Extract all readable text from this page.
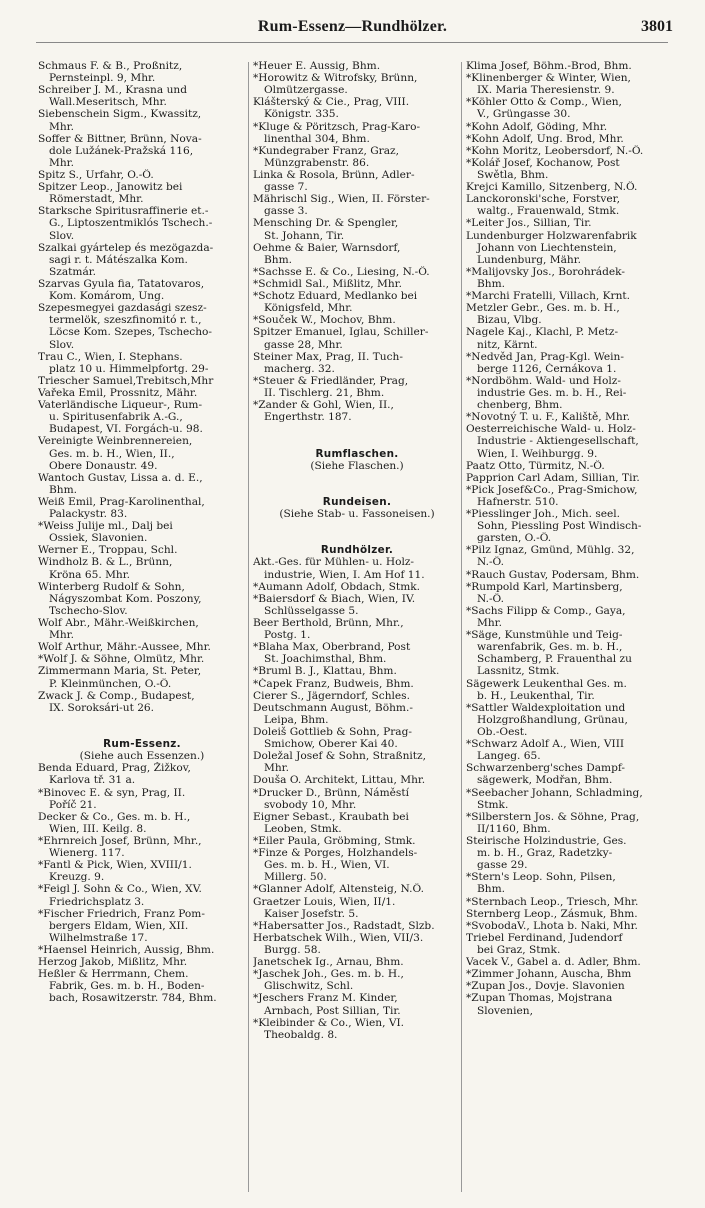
Rum-Essenz—Rundhölzer.	3801
Schmaus F. & B., Proßnitz,
Pernsteinpl. 9, Mhr.
Schreiber J. M., Krasna und
Wall.Meseritsch, Mhr.
Siebenschein Sigm., Kwassitz,
Mhr.
Soffer & Bittner, Brünn, Nova-
dole Lužánek-Pražská 116,
Mhr.
Spitz S., Urfahr, O.-Ö.
Spitzer Leop., Janowitz bei
Römerstadt, Mhr.
Starksche Spiritusraffinerie et.-
G., Liptoszentmiklós Tschech.-
Slov.
Szalkai gyártelep és mezögazda-
sagi r. t. Mátészalka Kom.
Szatmár.
Szarvas Gyula fia, Tatatovaros,
Kom. Komárom, Ung.
Szepesmegyei gazdasági szesz-
termelök, szeszfinomitó r. t.,
Löcse Kom. Szepes, Tschecho-
Slov.
Trau C., Wien, I. Stephans.
platz 10 u. Himmelpfortg. 29-
Triescher Samuel,Trebitsch,Mhr
Vařeka Emil, Prossnitz, Mähr.
Vaterländische Liqueur-, Rum-
u. Spiritusenfabrik A.-G.,
Budapest, VI. Forgách-u. 98.
Vereinigte Weinbrennereien,
Ges. m. b. H., Wien, II.,
Obere Donaustr. 49.
Wantoch Gustav, Lissa a. d. E.,
Bhm.
Weiß Emil, Prag-Karolinenthal,
Palackystr. 83.
*Weiss Julije ml., Dalj bei
Ossiek, Slavonien.
Werner E., Troppau, Schl.
Windholz B. & L., Brünn,
Kröna 65. Mhr.
Winterberg Rudolf & Sohn,
Nágyszombat Kom. Poszony,
Tschecho-Slov.
Wolf Abr., Mähr.-Weißkirchen,
Mhr.
Wolf Arthur, Mähr.-Aussee, Mhr.
*Wolf J. & Söhne, Olmütz, Mhr.
Zimmermann Maria, St. Peter,
P. Kleinmünchen, O.-Ö.
Zwack J. & Comp., Budapest,
IX. Soroksári-ut 26.
Rum-Essenz.
(Siehe auch Essenzen.)
Benda Eduard, Prag, Žižkov,
Karlova tř. 31 a.
*Binovec E. & syn, Prag, II.
Poříč 21.
Decker & Co., Ges. m. b. H.,
Wien, III. Keilg. 8.
*Ehrnreich Josef, Brünn, Mhr.,
Wienerg. 117.
*Fantl & Pick, Wien, XVIII/1.
Kreuzg. 9.
*Feigl J. Sohn & Co., Wien, XV.
Friedrichsplatz 3.
*Fischer Friedrich, Franz Pom-
bergers Eldam, Wien, XII.
Wilhelmstraße 17.
*Haensel Heinrich, Aussig, Bhm.
Herzog Jakob, Mißlitz, Mhr.
Heßler & Herrmann, Chem.
Fabrik, Ges. m. b. H., Boden-
bach, Rosawitzerstr. 784, Bhm.
*Heuer E. Aussig, Bhm.
*Horowitz & Witrofsky, Brünn,
Olmützergasse.
Klášterský & Cie., Prag, VIII.
Königstr. 335.
*Kluge & Pöritzsch, Prag-Karo-
linenthal 304, Bhm.
*Kundegraber Franz, Graz,
Münzgrabenstr. 86.
Linka & Rosola, Brünn, Adler-
gasse 7.
Mährischl Sig., Wien, II. Förster-
gasse 3.
Mensching Dr. & Spengler,
St. Johann, Tir.
Oehme & Baier, Warnsdorf,
Bhm.
*Sachsse E. & Co., Liesing, N.-Ö.
*Schmidl Sal., Mißlitz, Mhr.
*Schotz Eduard, Medlanko bei
Königsfeld, Mhr.
*Souček W., Mochov, Bhm.
Spitzer Emanuel, Iglau, Schiller-
gasse 28, Mhr.
Steiner Max, Prag, II. Tuch-
macherg. 32.
*Steuer & Friedländer, Prag,
II. Tischlerg. 21, Bhm.
*Zander & Gohl, Wien, II.,
Engerthstr. 187.
Rumflaschen.
(Siehe Flaschen.)
Rundeisen.
(Siehe Stab- u. Fassoneisen.)
Rundhölzer.
Akt.-Ges. für Mühlen- u. Holz-
industrie, Wien, I. Am Hof 11.
*Aumann Adolf, Obdach, Stmk.
*Baiersdorf & Biach, Wien, IV.
Schlüsselgasse 5.
Beer Berthold, Brünn, Mhr.,
Postg. 1.
*Blaha Max, Oberbrand, Post
St. Joachimsthal, Bhm.
*Bruml B. J., Klattau, Bhm.
*Čapek Franz, Budweis, Bhm.
Cierer S., Jägerndorf, Schles.
Deutschmann August, Böhm.-
Leipa, Bhm.
Doleiš Gottlieb & Sohn, Prag-
Smichow, Oberer Kai 40.
Doležal Josef & Sohn, Straßnitz,
Mhr.
Douša O. Architekt, Littau, Mhr.
*Drucker D., Brünn, Náměstí
svobody 10, Mhr.
Eigner Sebast., Kraubath bei
Leoben, Stmk.
*Eiler Paula, Gröbming, Stmk.
*Finze & Porges, Holzhandels-
Ges. m. b. H., Wien, VI.
Millerg. 50.
*Glanner Adolf, Altensteig, N.Ö.
Graetzer Louis, Wien, II/1.
Kaiser Josefstr. 5.
*Habersatter Jos., Radstadt, Slzb.
Herbatschek Wilh., Wien, VII/3.
Burgg. 58.
Janetschek Ig., Arnau, Bhm.
*Jaschek Joh., Ges. m. b. H.,
Glischwitz, Schl.
*Jeschers Franz M. Kinder,
Arnbach, Post Sillian, Tir.
*Kleibinder & Co., Wien, VI.
Theobaldg. 8.
Klima Josef, Böhm.-Brod, Bhm.
*Klinenberger & Winter, Wien,
IX. Maria Theresienstr. 9.
*Köhler Otto & Comp., Wien,
V., Grüngasse 30.
*Kohn Adolf, Göding, Mhr.
*Kohn Adolf, Ung. Brod, Mhr.
*Kohn Moritz, Leobersdorf, N.-Ö.
*Kolář Josef, Kochanow, Post
Swětla, Bhm.
Krejci Kamillo, Sitzenberg, N.Ö.
Lanckoronski'sche, Forstver,
waltg., Frauenwald, Stmk.
*Leiter Jos., Sillian, Tir.
Lundenburger Holzwarenfabrik
Johann von Liechtenstein,
Lundenburg, Mähr.
*Malijovsky Jos., Borohrádek-
Bhm.
*Marchi Fratelli, Villach, Krnt.
Metzler Gebr., Ges. m. b. H.,
Bizau, Vlbg.
Nagele Kaj., Klachl, P. Metz-
nitz, Kärnt.
*Nedvěd Jan, Prag-Kgl. Wein-
berge 1126, Černákova 1.
*Nordböhm. Wald- und Holz-
industrie Ges. m. b. H., Rei-
chenberg, Bhm.
*Novotný T. u. F., Kaliště, Mhr.
Oesterreichische Wald- u. Holz-
Industrie - Aktiengesellschaft,
Wien, I. Weihburgg. 9.
Paatz Otto, Türmitz, N.-Ö.
Papprion Carl Adam, Sillian, Tir.
*Pick Josef&Co., Prag-Smichow,
Hafnerstr. 510.
*Piesslinger Joh., Mich. seel.
Sohn, Piessling Post Windisch-
garsten, O.-Ö.
*Pilz Ignaz, Gmünd, Mühlg. 32,
N.-Ö.
*Rauch Gustav, Podersam, Bhm.
*Rumpold Karl, Martinsberg,
N.-Ö.
*Sachs Filipp & Comp., Gaya,
Mhr.
*Säge, Kunstmühle und Teig-
warenfabrik, Ges. m. b. H.,
Schamberg, P. Frauenthal zu
Lassnitz, Stmk.
Sägewerk Leukenthal Ges. m.
b. H., Leukenthal, Tir.
*Sattler Waldexploitation und
Holzgroßhandlung, Grünau,
Ob.-Oest.
*Schwarz Adolf A., Wien, VIII
Langeg. 65.
Schwarzenberg'sches Dampf-
sägewerk, Modřan, Bhm.
*Seebacher Johann, Schladming,
Stmk.
*Silberstern Jos. & Söhne, Prag,
II/1160, Bhm.
Steirische Holzindustrie, Ges.
m. b. H., Graz, Radetzky-
gasse 29.
*Stern's Leop. Sohn, Pilsen,
Bhm.
*Sternbach Leop., Triesch, Mhr.
Sternberg Leop., Zásmuk, Bhm.
*SvobodaV., Lhota b. Naki, Mhr.
Triebel Ferdinand, Judendorf
bei Graz, Stmk.
Vacek V., Gabel a. d. Adler, Bhm.
*Zimmer Johann, Auscha, Bhm
*Zupan Jos., Dovje. Slavonien
*Zupan Thomas, Mojstrana
Slovenien,
